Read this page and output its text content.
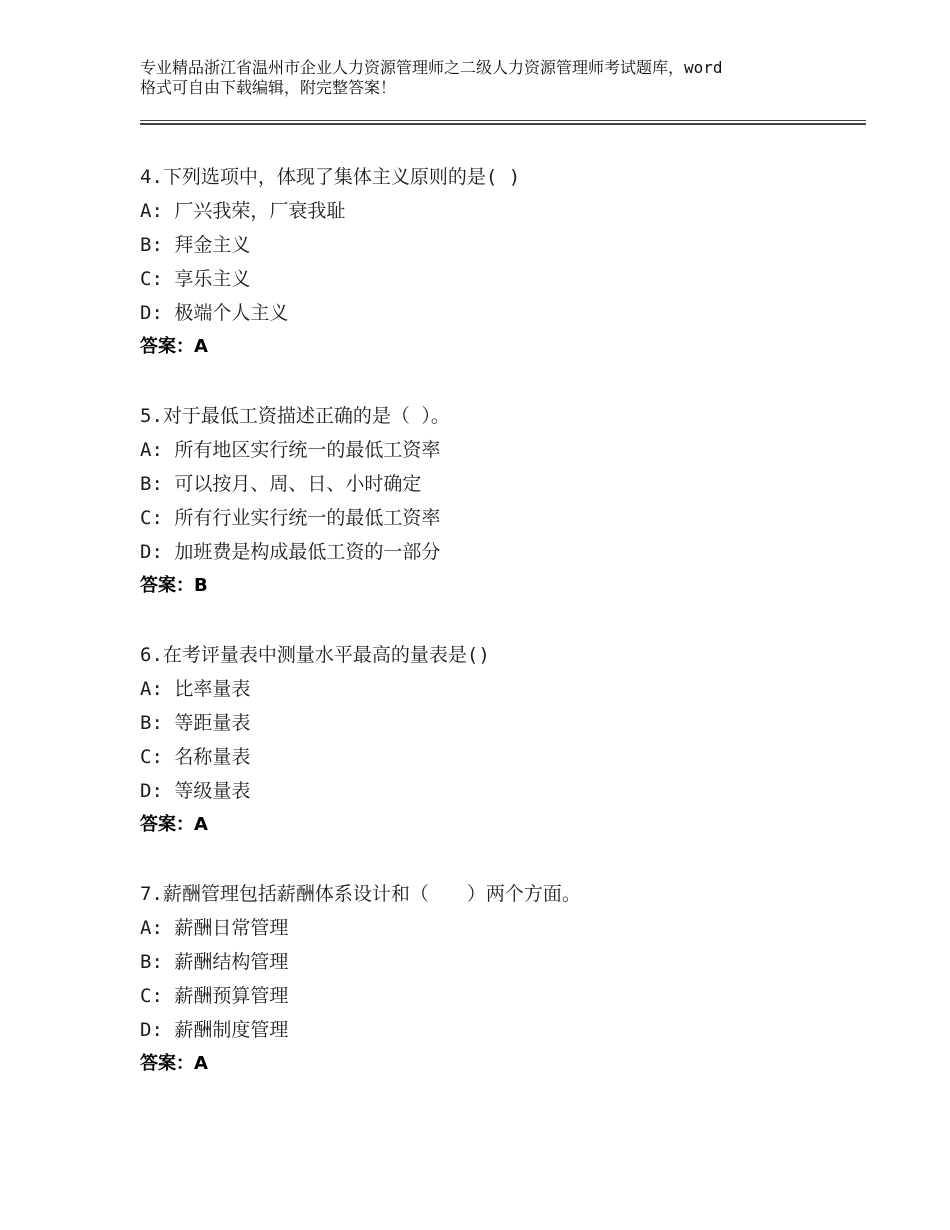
专业精品浙江省温州市企业人力资源管理师之二级人力资源管理师考试题库，word
格式可自由下载编辑，附完整答案！
4.下列选项中，体现了集体主义原则的是( )
A: 厂兴我荣，厂衰我耻
B: 拜金主义
C: 享乐主义
D: 极端个人主义
答案：A
5.对于最低工资描述正确的是（ ）。
A: 所有地区实行统一的最低工资率
B: 可以按月、周、日、小时确定
C: 所有行业实行统一的最低工资率
D: 加班费是构成最低工资的一部分
答案：B
6.在考评量表中测量水平最高的量表是()
A: 比率量表
B: 等距量表
C: 名称量表
D: 等级量表
答案：A
7.薪酬管理包括薪酬体系设计和（　　）两个方面。
A: 薪酬日常管理
B: 薪酬结构管理
C: 薪酬预算管理
D: 薪酬制度管理
答案：A
